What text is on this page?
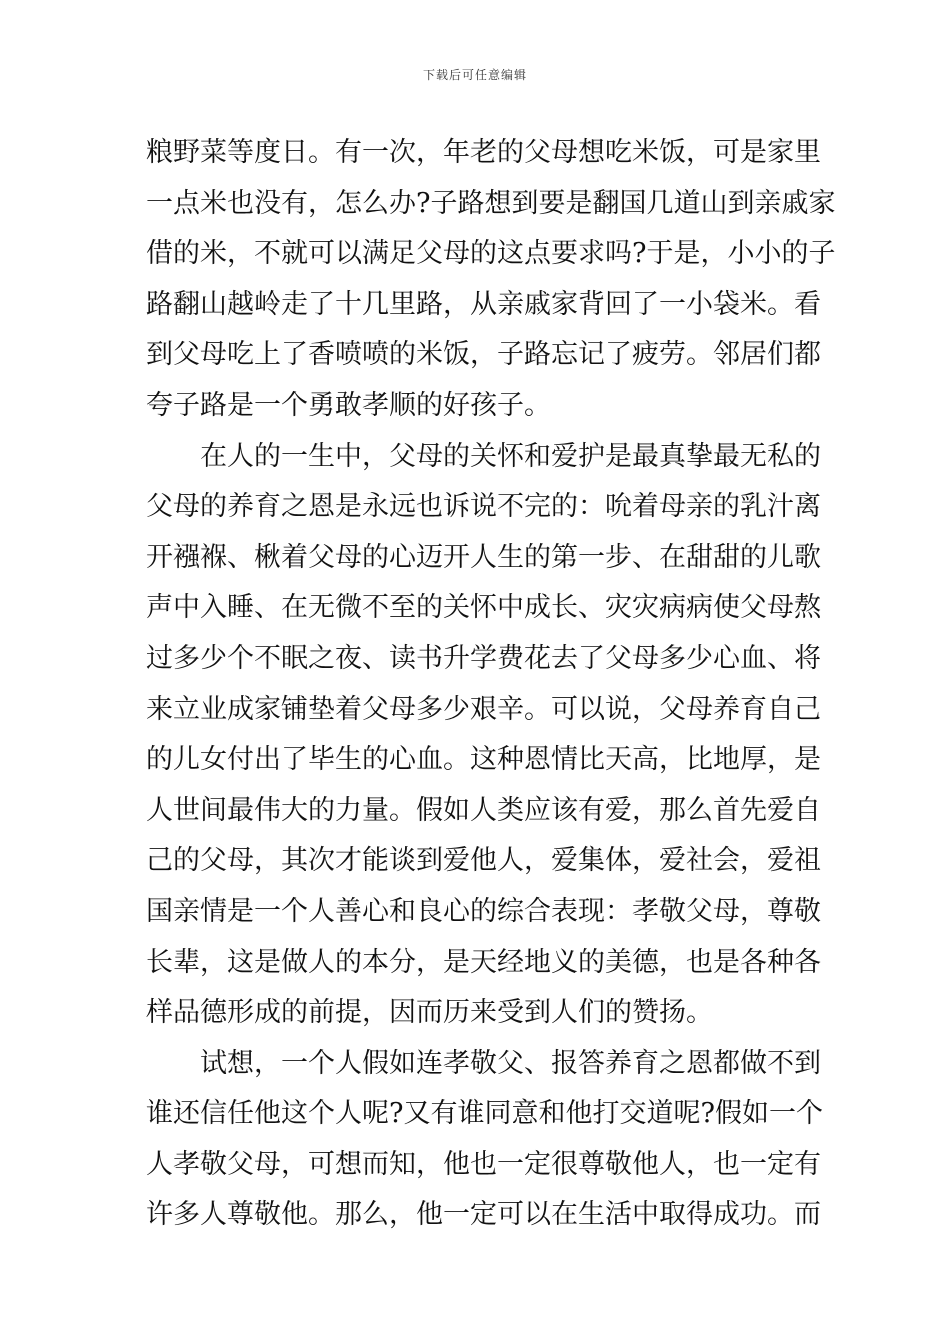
下载后可任意编辑
粮野菜等度日。有一次，年老的父母想吃米饭，可是家里
一点米也没有，怎么办?子路想到要是翻国几道山到亲戚家
借的米，不就可以满足父母的这点要求吗?于是，小小的子
路翻山越岭走了十几里路，从亲戚家背回了一小袋米。看
到父母吃上了香喷喷的米饭，子路忘记了疲劳。邻居们都
夸子路是一个勇敢孝顺的好孩子。
在人的一生中，父母的关怀和爱护是最真挚最无私的
父母的养育之恩是永远也诉说不完的：吮着母亲的乳汁离
开襁褓、楸着父母的心迈开人生的第一步、在甜甜的儿歌
声中入睡、在无微不至的关怀中成长、灾灾病病使父母熬
过多少个不眠之夜、读书升学费花去了父母多少心血、将
来立业成家铺垫着父母多少艰辛。可以说，父母养育自己
的儿女付出了毕生的心血。这种恩情比天高，比地厚，是
人世间最伟大的力量。假如人类应该有爱，那么首先爱自
己的父母，其次才能谈到爱他人，爱集体，爱社会，爱祖
国亲情是一个人善心和良心的综合表现：孝敬父母，尊敬
长辈，这是做人的本分，是天经地义的美德，也是各种各
样品德形成的前提，因而历来受到人们的赞扬。
试想，一个人假如连孝敬父、报答养育之恩都做不到
谁还信任他这个人呢?又有谁同意和他打交道呢?假如一个
人孝敬父母，可想而知，他也一定很尊敬他人，也一定有
许多人尊敬他。那么，他一定可以在生活中取得成功。而
